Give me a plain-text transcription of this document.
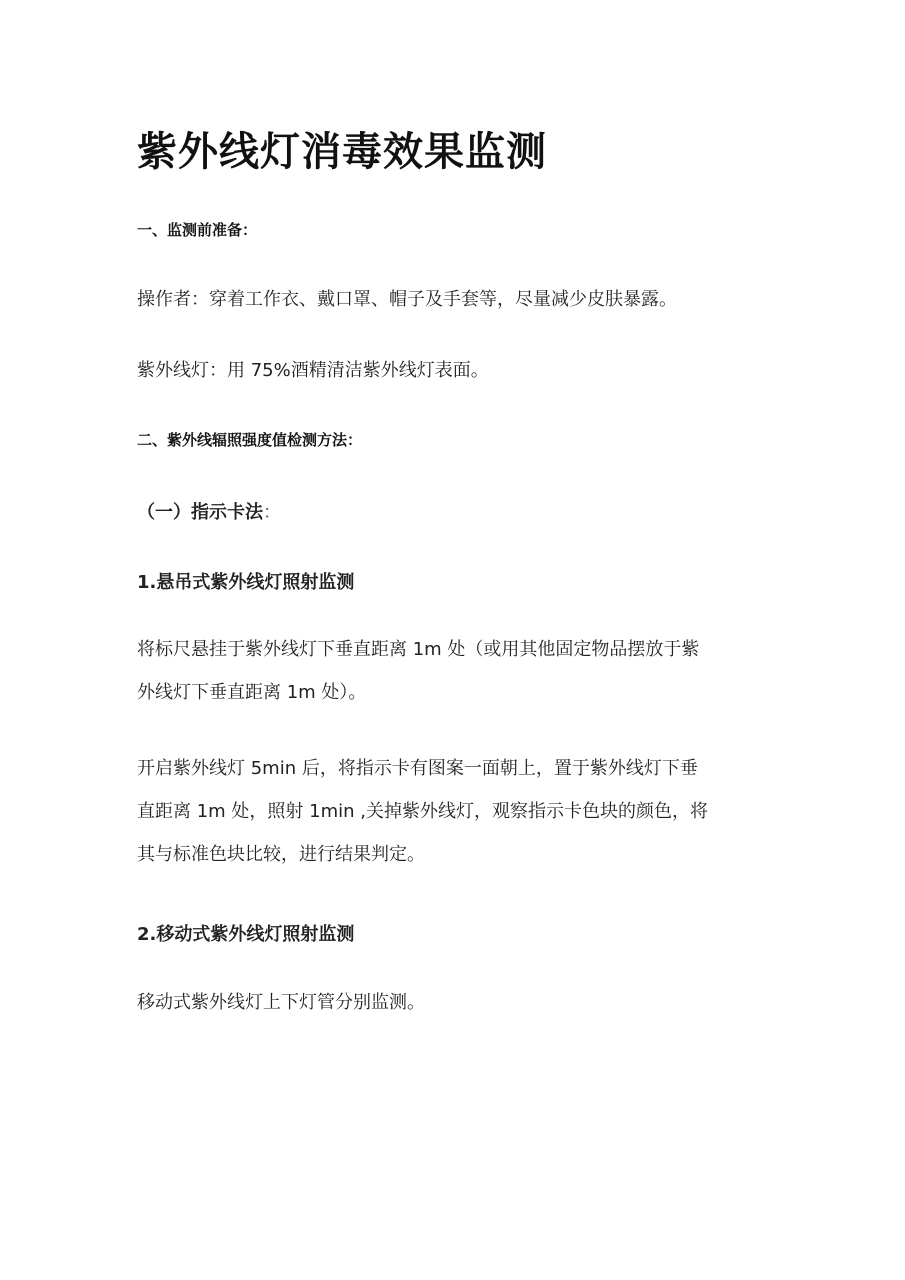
紫外线灯消毒效果监测
一、监测前准备：

操作者：穿着工作衣、戴口罩、帽子及手套等，尽量减少皮肤暴露。

紫外线灯：用 75%酒精清洁紫外线灯表面。

二、紫外线辐照强度值检测方法：
（一）指示卡法：
1.悬吊式紫外线灯照射监测

将标尺悬挂于紫外线灯下垂直距离 1m 处（或用其他固定物品摆放于紫
外线灯下垂直距离 1m 处）。

开启紫外线灯 5min 后，将指示卡有图案一面朝上，置于紫外线灯下垂
直距离 1m 处，照射 1min ,关掉紫外线灯，观察指示卡色块的颜色，将
其与标准色块比较，进行结果判定。

2.移动式紫外线灯照射监测

移动式紫外线灯上下灯管分别监测。
